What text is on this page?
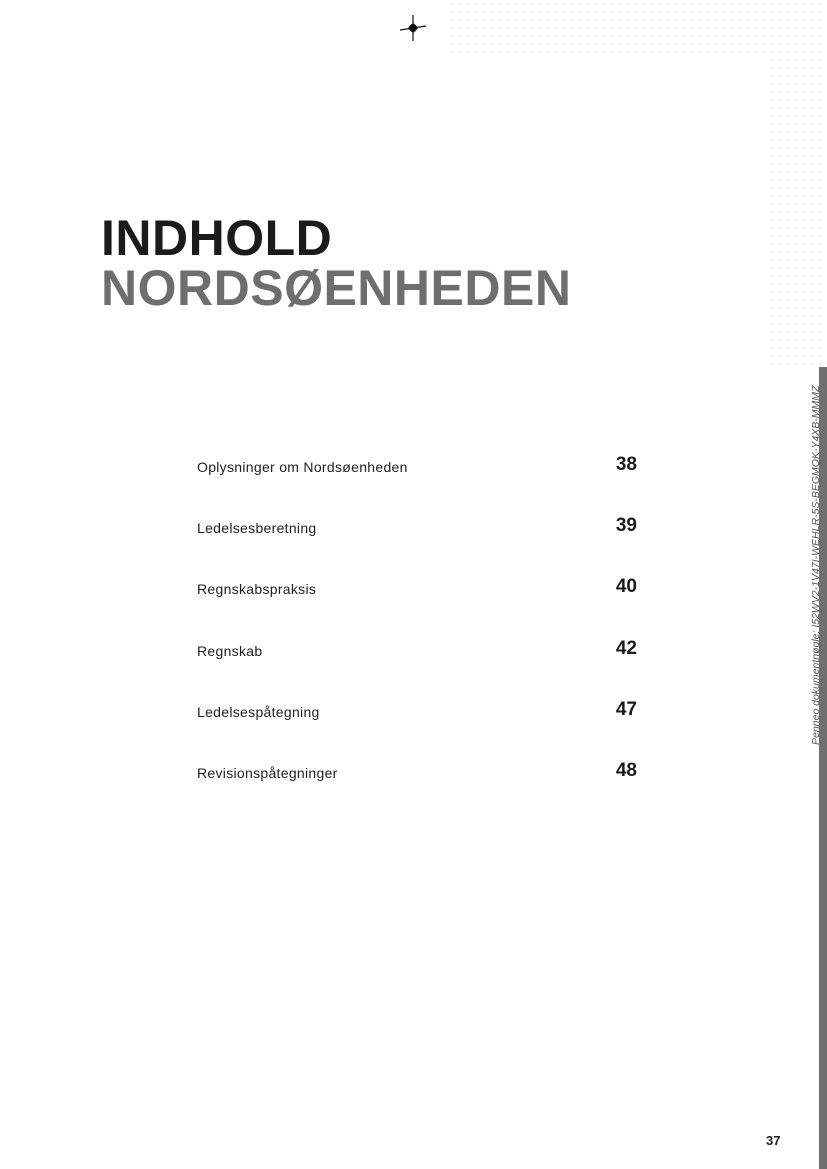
INDHOLD
NORDSØENHEDEN
Oplysninger om Nordsøenheden	38
Ledelsesberetning	39
Regnskabspraksis	40
Regnskab	42
Ledelsespåtegning	47
Revisionspåtegninger	48
Penneo dokumentnøgle: I52WV2-1V47I-WEHLR-5S-BEGMQK-Y4XB-MMMZ
37
